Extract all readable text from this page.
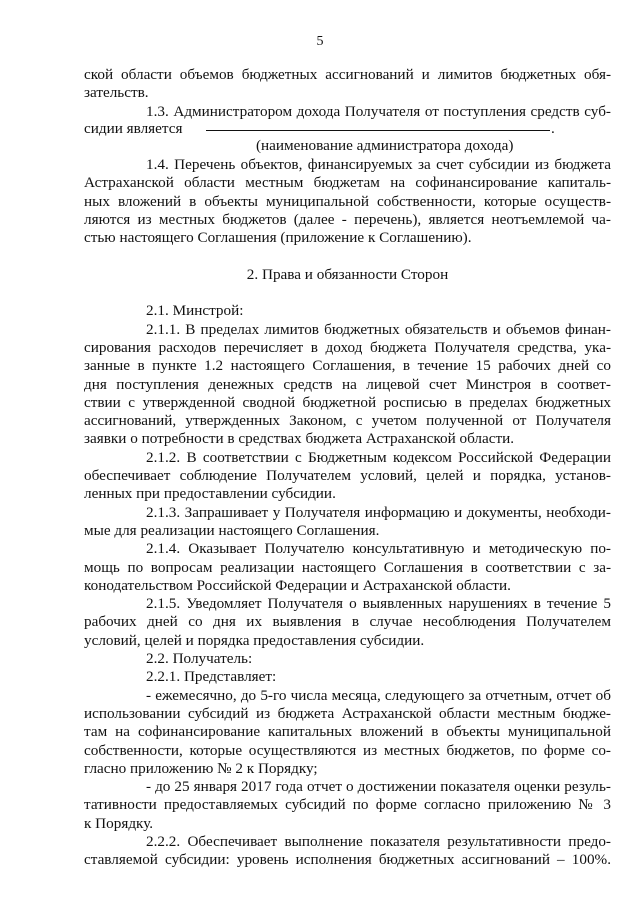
5
ской области объемов бюджетных ассигнований и лимитов бюджетных обя-
зательств.
1.3. Администратором дохода Получателя от поступления средств суб-
сидии является	.
(наименование администратора дохода)
1.4. Перечень объектов, финансируемых за счет субсидии из бюджета
Астраханской области местным бюджетам на софинансирование капиталь-
ных вложений в объекты муниципальной собственности, которые осуществ-
ляются из местных бюджетов (далее - перечень), является неотъемлемой ча-
стью настоящего Соглашения (приложение к Соглашению).
2. Права и обязанности Сторон
2.1. Минстрой:
2.1.1. В пределах лимитов бюджетных обязательств и объемов финан-
сирования расходов перечисляет в доход бюджета Получателя средства, ука-
занные в пункте 1.2 настоящего Соглашения, в течение 15 рабочих дней со
дня поступления денежных средств на лицевой счет Минстроя в соответ-
ствии с утвержденной сводной бюджетной росписью в пределах бюджетных
ассигнований, утвержденных Законом, с учетом полученной от Получателя
заявки о потребности в средствах бюджета Астраханской области.
2.1.2. В соответствии с Бюджетным кодексом Российской Федерации
обеспечивает соблюдение Получателем условий, целей и порядка, установ-
ленных при предоставлении субсидии.
2.1.3. Запрашивает у Получателя информацию и документы, необходи-
мые для реализации настоящего Соглашения.
2.1.4. Оказывает Получателю консультативную и методическую по-
мощь по вопросам реализации настоящего Соглашения в соответствии с за-
конодательством Российской Федерации и Астраханской области.
2.1.5. Уведомляет Получателя о выявленных нарушениях в течение 5
рабочих дней со дня их выявления в случае несоблюдения Получателем
условий, целей и порядка предоставления субсидии.
2.2. Получатель:
2.2.1. Представляет:
- ежемесячно, до 5-го числа месяца, следующего за отчетным, отчет об
использовании субсидий из бюджета Астраханской области местным бюдже-
там на софинансирование капитальных вложений в объекты муниципальной
собственности, которые осуществляются из местных бюджетов, по форме со-
гласно приложению № 2 к Порядку;
- до 25 января 2017 года отчет о достижении показателя оценки резуль-
тативности предоставляемых субсидий по форме согласно приложению № 3
к Порядку.
2.2.2. Обеспечивает выполнение показателя результативности предо-
ставляемой субсидии: уровень исполнения бюджетных ассигнований – 100%.
